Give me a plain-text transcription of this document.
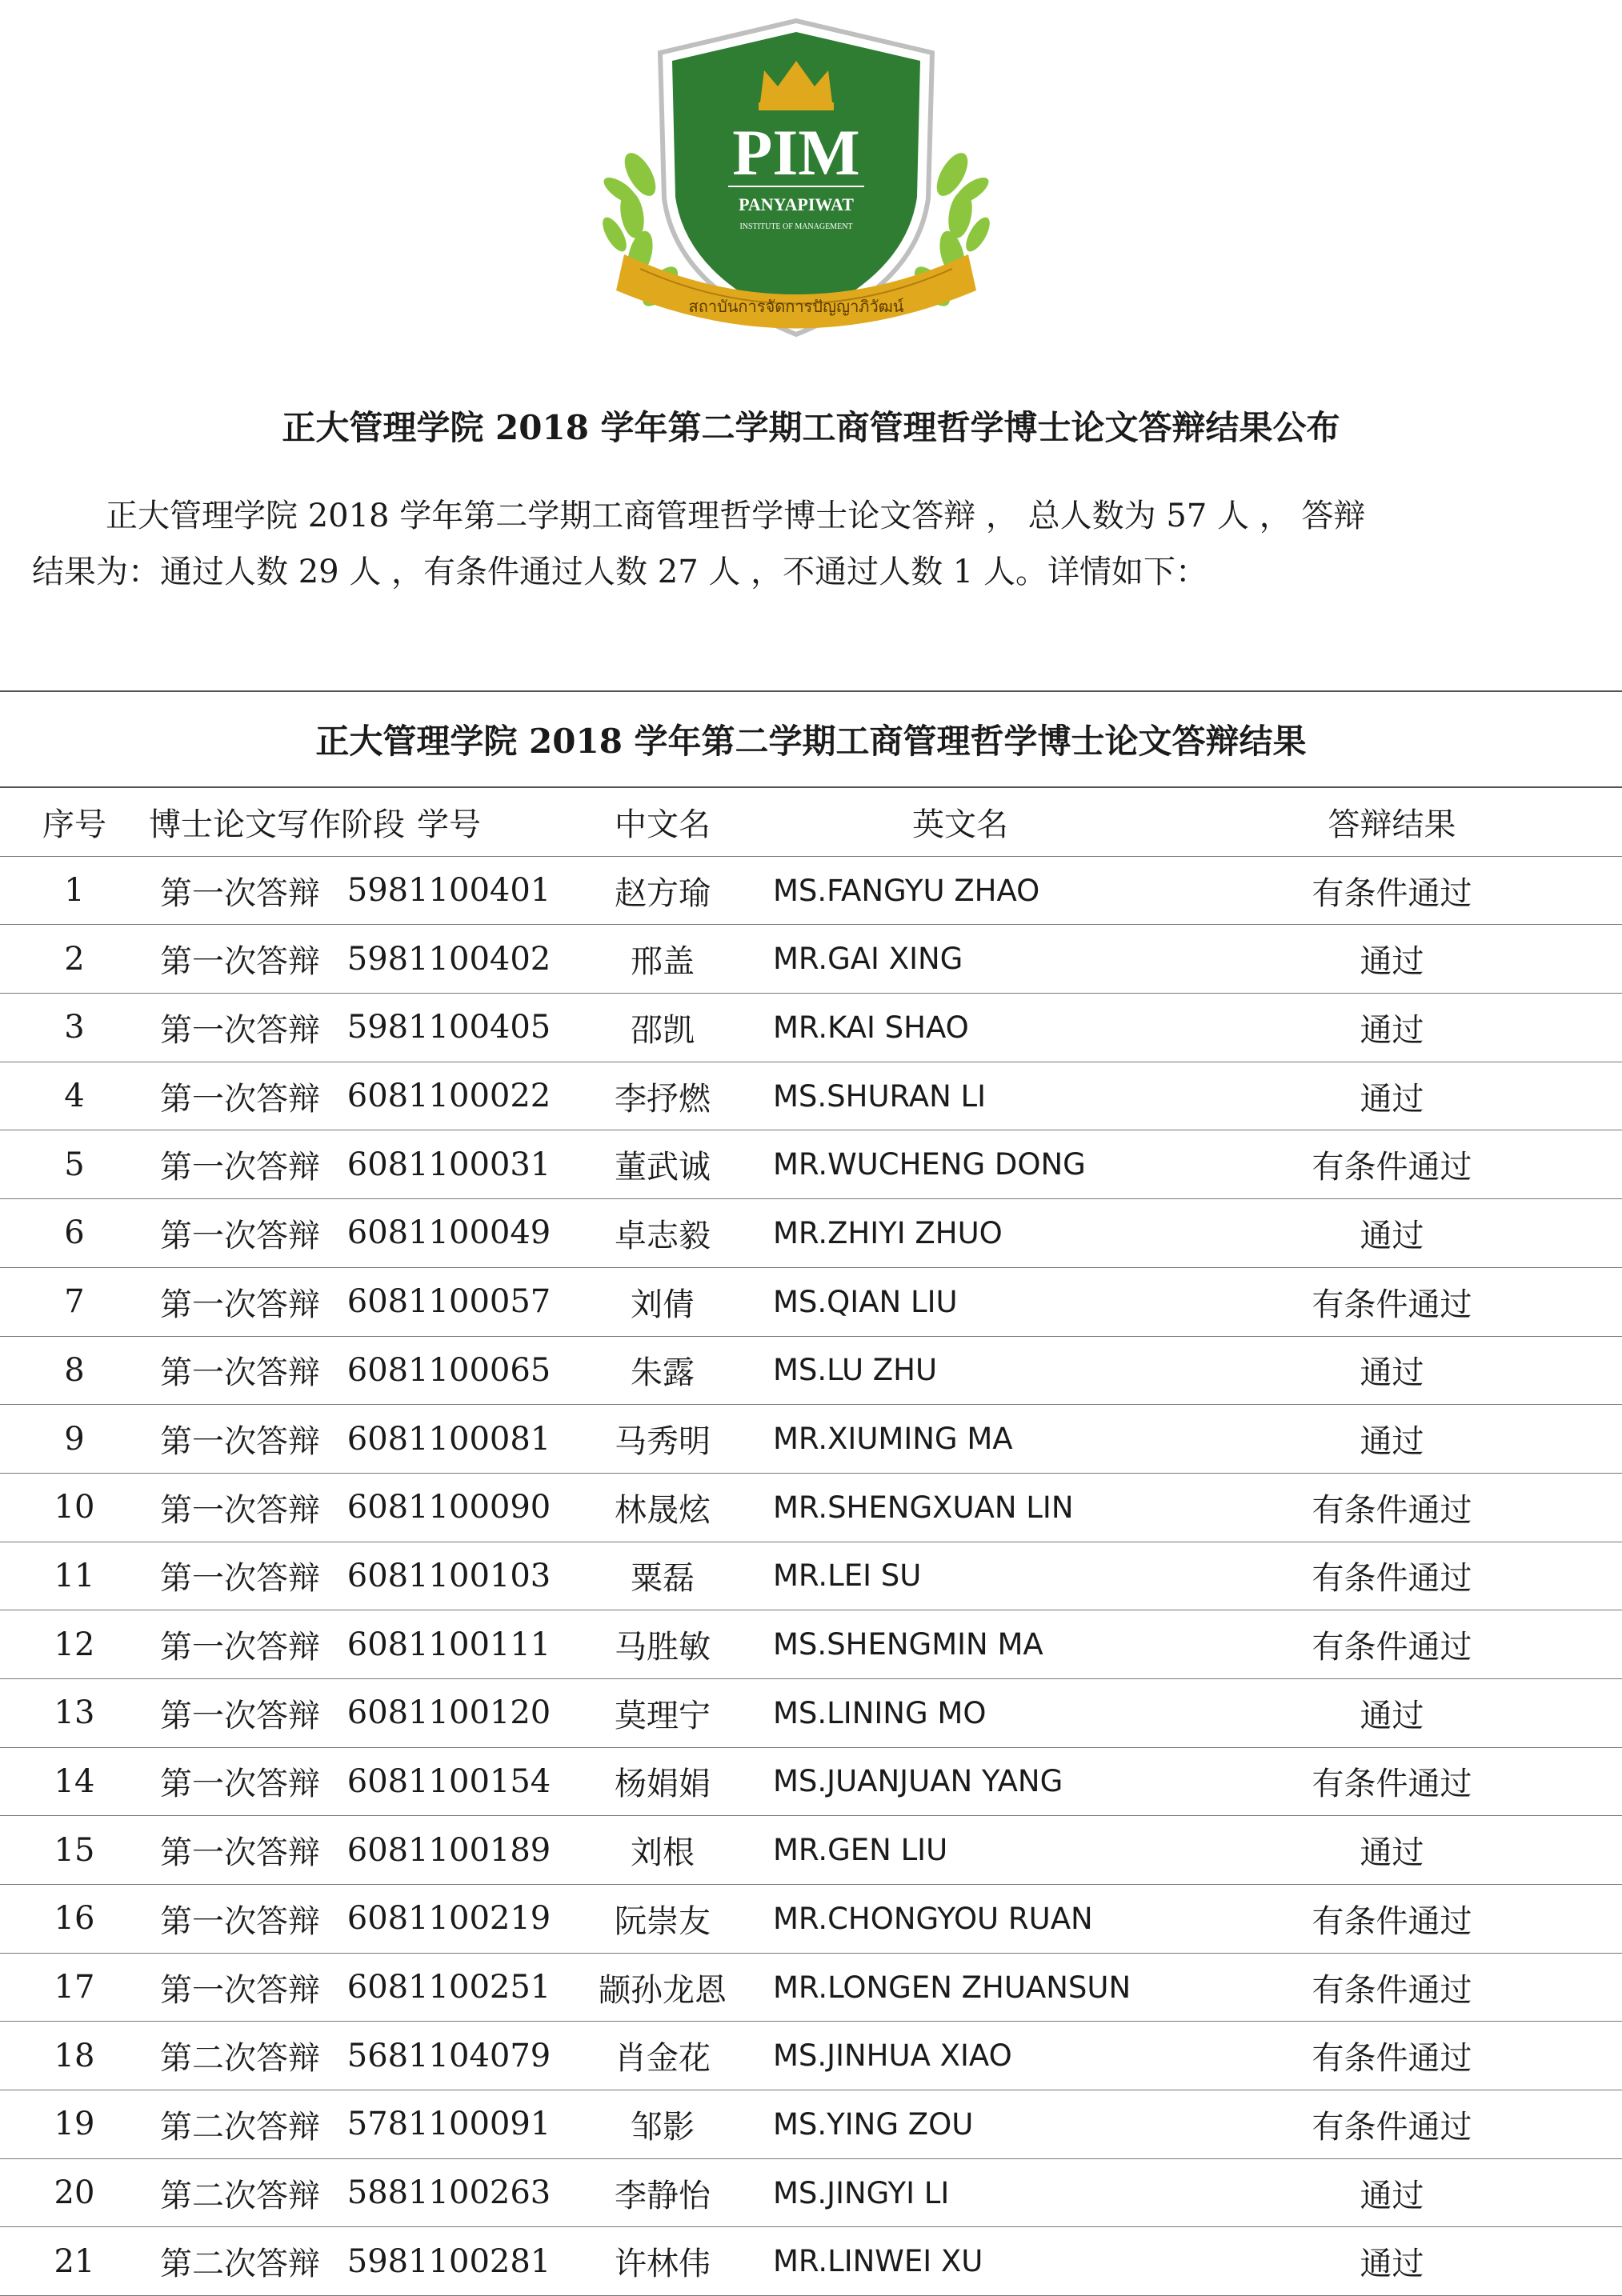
PIM
PANYAPIWAT
INSTITUTE OF MANAGEMENT
สถาบันการจัดการปัญญาภิวัฒน์
正大管理学院 2018 学年第二学期工商管理哲学博士论文答辩结果公布

正大管理学院 2018 学年第二学期工商管理哲学博士论文答辩 ， 总人数为 57 人 ， 答辩
结果为：通过人数 29 人 ，有条件通过人数 27 人 ，不通过人数 1 人。详情如下：

正大管理学院 2018 学年第二学期工商管理哲学博士论文答辩结果
序号	博士论文写作阶段	学号	中文名	英文名	答辩结果
1	第一次答辩	5981100401	赵方瑜	MS.FANGYU ZHAO	有条件通过
2	第一次答辩	5981100402	邢盖	MR.GAI XING	通过
3	第一次答辩	5981100405	邵凯	MR.KAI SHAO	通过
4	第一次答辩	6081100022	李抒燃	MS.SHURAN LI	通过
5	第一次答辩	6081100031	董武诚	MR.WUCHENG DONG	有条件通过
6	第一次答辩	6081100049	卓志毅	MR.ZHIYI ZHUO	通过
7	第一次答辩	6081100057	刘倩	MS.QIAN LIU	有条件通过
8	第一次答辩	6081100065	朱露	MS.LU ZHU	通过
9	第一次答辩	6081100081	马秀明	MR.XIUMING MA	通过
10	第一次答辩	6081100090	林晟炫	MR.SHENGXUAN LIN	有条件通过
11	第一次答辩	6081100103	粟磊	MR.LEI SU	有条件通过
12	第一次答辩	6081100111	马胜敏	MS.SHENGMIN MA	有条件通过
13	第一次答辩	6081100120	莫理宁	MS.LINING MO	通过
14	第一次答辩	6081100154	杨娟娟	MS.JUANJUAN YANG	有条件通过
15	第一次答辩	6081100189	刘根	MR.GEN LIU	通过
16	第一次答辩	6081100219	阮崇友	MR.CHONGYOU RUAN	有条件通过
17	第一次答辩	6081100251	颛孙龙恩	MR.LONGEN ZHUANSUN	有条件通过
18	第二次答辩	5681104079	肖金花	MS.JINHUA XIAO	有条件通过
19	第二次答辩	5781100091	邹影	MS.YING ZOU	有条件通过
20	第二次答辩	5881100263	李静怡	MS.JINGYI LI	通过
21	第二次答辩	5981100281	许林伟	MR.LINWEI XU	通过
